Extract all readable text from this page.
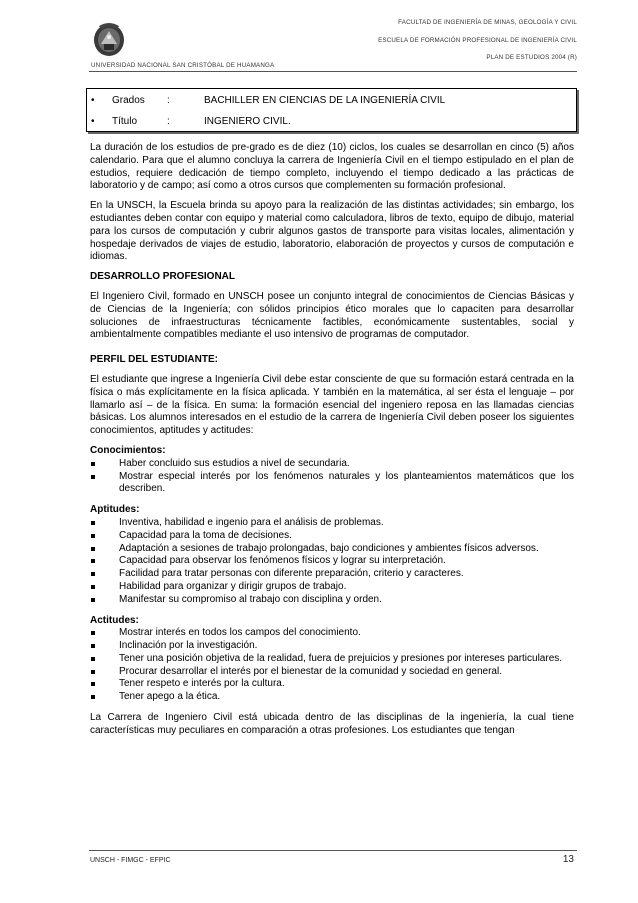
FACULTAD DE INGENIERÍA DE MINAS, GEOLOGÍA Y CIVIL
ESCUELA DE FORMACIÓN PROFESIONAL DE INGENIERÍA CIVIL
PLAN DE ESTUDIOS 2004 (R)
UNIVERSIDAD NACIONAL SAN CRISTÓBAL DE HUAMANGA
• Grados :	BACHILLER EN CIENCIAS DE LA INGENIERÍA CIVIL
• Título	:	INGENIERO CIVIL.

La duración de los estudios de pre-grado es de diez (10) ciclos, los cuales se desarrollan en cinco (5) años calendario. Para que el alumno concluya la carrera de Ingeniería Civil en el tiempo estipulado en el plan de estudios, requiere dedicación de tiempo completo, incluyendo el tiempo dedicado a las prácticas de laboratorio y de campo; así como a otros cursos que complementen su formación profesional.

En la UNSCH, la Escuela brinda su apoyo para la realización de las distintas actividades; sin embargo, los estudiantes deben contar con equipo y material como calculadora, libros de texto, equipo de dibujo, material para los cursos de computación y cubrir algunos gastos de transporte para visitas locales, alimentación y hospedaje derivados de viajes de estudio, laboratorio, elaboración de proyectos y cursos de computación e idiomas.

DESARROLLO PROFESIONAL

El Ingeniero Civil, formado en UNSCH posee un conjunto integral de conocimientos de Ciencias Básicas y de Ciencias de la Ingeniería; con sólidos principios ético morales que lo capaciten para desarrollar soluciones de infraestructuras técnicamente factibles, económicamente sustentables, social y ambientalmente compatibles mediante el uso intensivo de programas de computador.

PERFIL DEL ESTUDIANTE:

El estudiante que ingrese a Ingeniería Civil debe estar consciente de que su formación estará centrada en la física o más explícitamente en la física aplicada. Y también en la matemática, al ser ésta el lenguaje – por llamarlo así – de la física. En suma: la formación esencial del ingeniero reposa en las llamadas ciencias básicas. Los alumnos interesados en el estudio de la carrera de Ingeniería Civil deben poseer los siguientes conocimientos, aptitudes y actitudes:

Conocimientos:
Haber concluido sus estudios a nivel de secundaria.
Mostrar especial interés por los fenómenos naturales y los planteamientos matemáticos que los describen.
Aptitudes:
Inventiva, habilidad e ingenio para el análisis de problemas.
Capacidad para la toma de decisiones.
Adaptación a sesiones de trabajo prolongadas, bajo condiciones y ambientes físicos adversos.
Capacidad para observar los fenómenos físicos y lograr su interpretación.
Facilidad para tratar personas con diferente preparación, criterio y caracteres.
Habilidad para organizar y dirigir grupos de trabajo.
Manifestar su compromiso al trabajo con disciplina y orden.
Actitudes:
Mostrar interés en todos los campos del conocimiento.
Inclinación por la investigación.
Tener una posición objetiva de la realidad, fuera de prejuicios y presiones por intereses particulares.
Procurar desarrollar el interés por el bienestar de la comunidad y sociedad en general.
Tener respeto e interés por la cultura.
Tener apego a la ética.

La Carrera de Ingeniero Civil está ubicada dentro de las disciplinas de la ingeniería, la cual tiene características muy peculiares en comparación a otras profesiones. Los estudiantes que tengan

UNSCH - FIMGC - EFPIC	13
